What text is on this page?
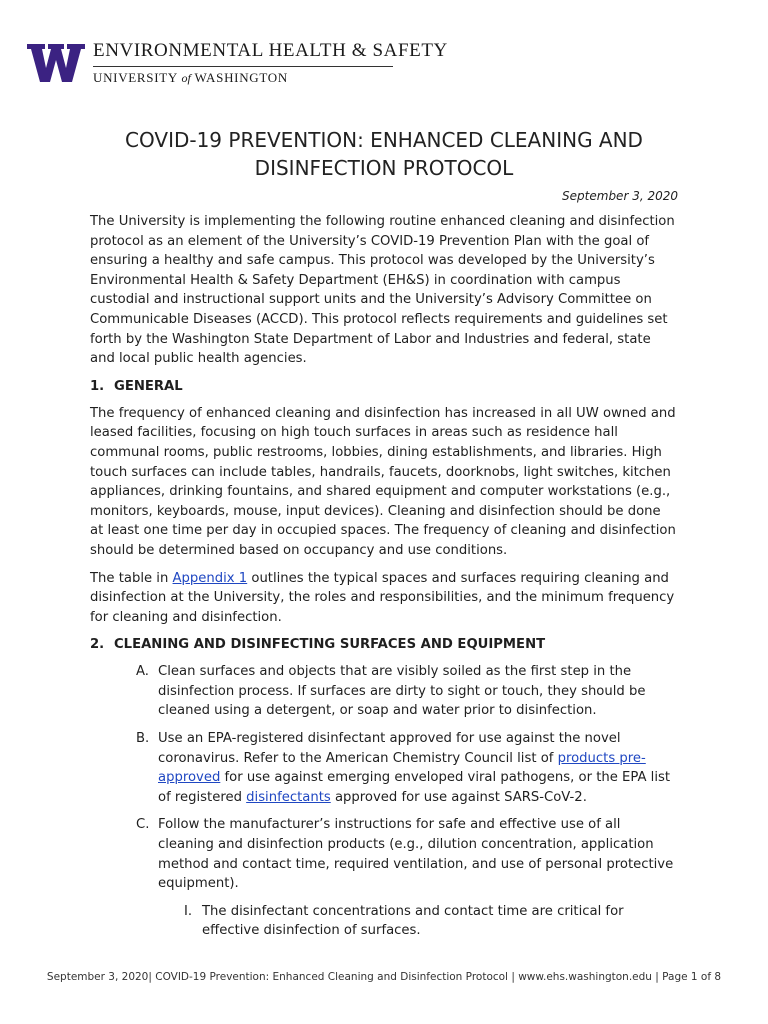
ENVIRONMENTAL HEALTH & SAFETY
UNIVERSITY of WASHINGTON
COVID-19 PREVENTION: ENHANCED CLEANING AND DISINFECTION PROTOCOL
September 3, 2020

The University is implementing the following routine enhanced cleaning and disinfection protocol as an element of the University’s COVID-19 Prevention Plan with the goal of ensuring a healthy and safe campus. This protocol was developed by the University’s Environmental Health & Safety Department (EH&S) in coordination with campus custodial and instructional support units and the University’s Advisory Committee on Communicable Diseases (ACCD). This protocol reflects requirements and guidelines set forth by the Washington State Department of Labor and Industries and federal, state and local public health agencies.

1. GENERAL

The frequency of enhanced cleaning and disinfection has increased in all UW owned and leased facilities, focusing on high touch surfaces in areas such as residence hall communal rooms, public restrooms, lobbies, dining establishments, and libraries. High touch surfaces can include tables, handrails, faucets, doorknobs, light switches, kitchen appliances, drinking fountains, and shared equipment and computer workstations (e.g., monitors, keyboards, mouse, input devices). Cleaning and disinfection should be done at least one time per day in occupied spaces. The frequency of cleaning and disinfection should be determined based on occupancy and use conditions.

The table in Appendix 1 outlines the typical spaces and surfaces requiring cleaning and disinfection at the University, the roles and responsibilities, and the minimum frequency for cleaning and disinfection.

2. CLEANING AND DISINFECTING SURFACES AND EQUIPMENT
A. Clean surfaces and objects that are visibly soiled as the first step in the disinfection process. If surfaces are dirty to sight or touch, they should be cleaned using a detergent, or soap and water prior to disinfection.
B. Use an EPA-registered disinfectant approved for use against the novel coronavirus. Refer to the American Chemistry Council list of products pre-approved for use against emerging enveloped viral pathogens, or the EPA list of registered disinfectants approved for use against SARS-CoV-2.
C. Follow the manufacturer’s instructions for safe and effective use of all cleaning and disinfection products (e.g., dilution concentration, application method and contact time, required ventilation, and use of personal protective equipment).
I. The disinfectant concentrations and contact time are critical for effective disinfection of surfaces.
September 3, 2020| COVID-19 Prevention: Enhanced Cleaning and Disinfection Protocol | www.ehs.washington.edu | Page 1 of 8
